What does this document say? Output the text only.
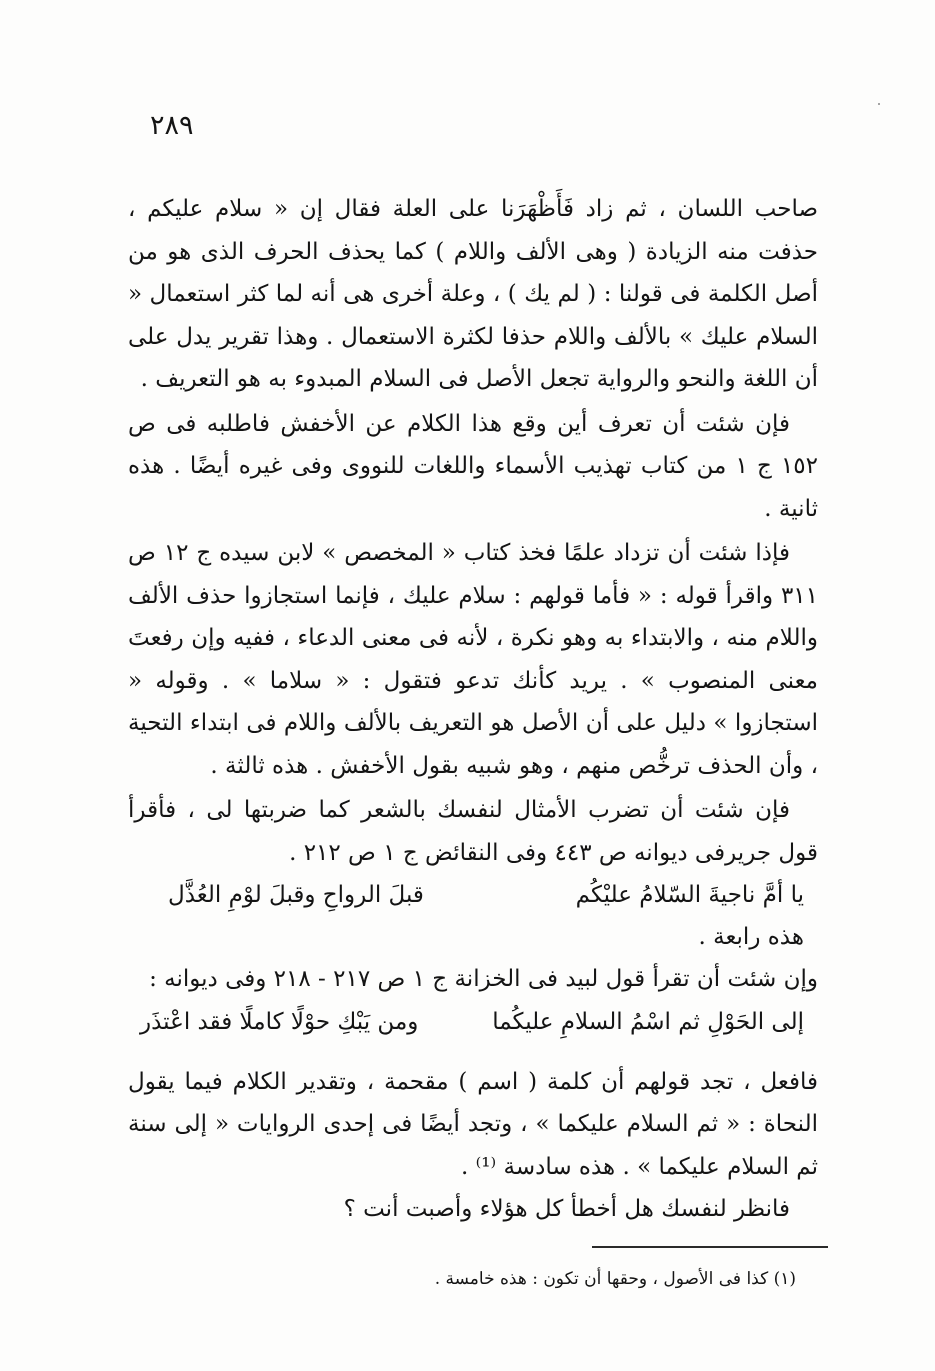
٢٨٩

صاحب اللسان ، ثم زاد فَأَظْهَرَنا على العلة فقال إن « سلام عليكم ، حذفت منه الزيادة ( وهى الألف واللام ) كما يحذف الحرف الذى هو من أصل الكلمة فى قولنا : ( لم يك ) ، وعلة أخرى هى أنه لما كثر استعمال « السلام عليك » بالألف واللام حذفا لكثرة الاستعمال . وهذا تقرير يدل على أن اللغة والنحو والرواية تجعل الأصل فى السلام المبدوء به هو التعريف .

فإن شئت أن تعرف أين وقع هذا الكلام عن الأخفش فاطلبه فى ص ١٥٢ ج ١ من كتاب تهذيب الأسماء واللغات للنووى وفى غيره أيضًا . هذه ثانية .

فإذا شئت أن تزداد علمًا فخذ كتاب « المخصص » لابن سيده ج ١٢ ص ٣١١ واقرأ قوله : « فأما قولهم : سلام عليك ، فإنما استجازوا حذف الألف واللام منه ، والابتداء به وهو نكرة ، لأنه فى معنى الدعاء ، ففيه وإن رفعتَ معنى المنصوب » . يريد كأنك تدعو فتقول : « سلاما » . وقوله « استجازوا » دليل على أن الأصل هو التعريف بالألف واللام فى ابتداء التحية ، وأن الحذف ترخُّص منهم ، وهو شبيه بقول الأخفش . هذه ثالثة .

فإن شئت أن تضرب الأمثال لنفسك بالشعر كما ضربتها لى ، فأقرأ قول جريرفى ديوانه ص ٤٤٣ وفى النقائض ج ١ ص ٢١٢ .

يا أمَّ ناجيةَ السّلامُ عليْكُم
قبلَ الرواحِ وقبلَ لوْمِ العُذَّل
هذه رابعة .

وإن شئت أن تقرأ قول لبيد فى الخزانة ج ١ ص ٢١٧ - ٢١٨ وفى ديوانه :

إلى الحَوْلِ ثم اسْمُ السلامِ عليكُما
ومن يَبْكِ حوْلًا كاملًا فقد اعْتذَر

فافعل ، تجد قولهم أن كلمة ( اسم ) مقحمة ، وتقدير الكلام فيما يقول النحاة : « ثم السلام عليكما » ، وتجد أيضًا فى إحدى الروايات « إلى سنة ثم السلام عليكما » . هذه سادسة ⁽¹⁾ .

فانظر لنفسك هل أخطأ كل هؤلاء وأصبت أنت ؟

(١) كذا فى الأصول ، وحقها أن تكون : هذه خامسة .
